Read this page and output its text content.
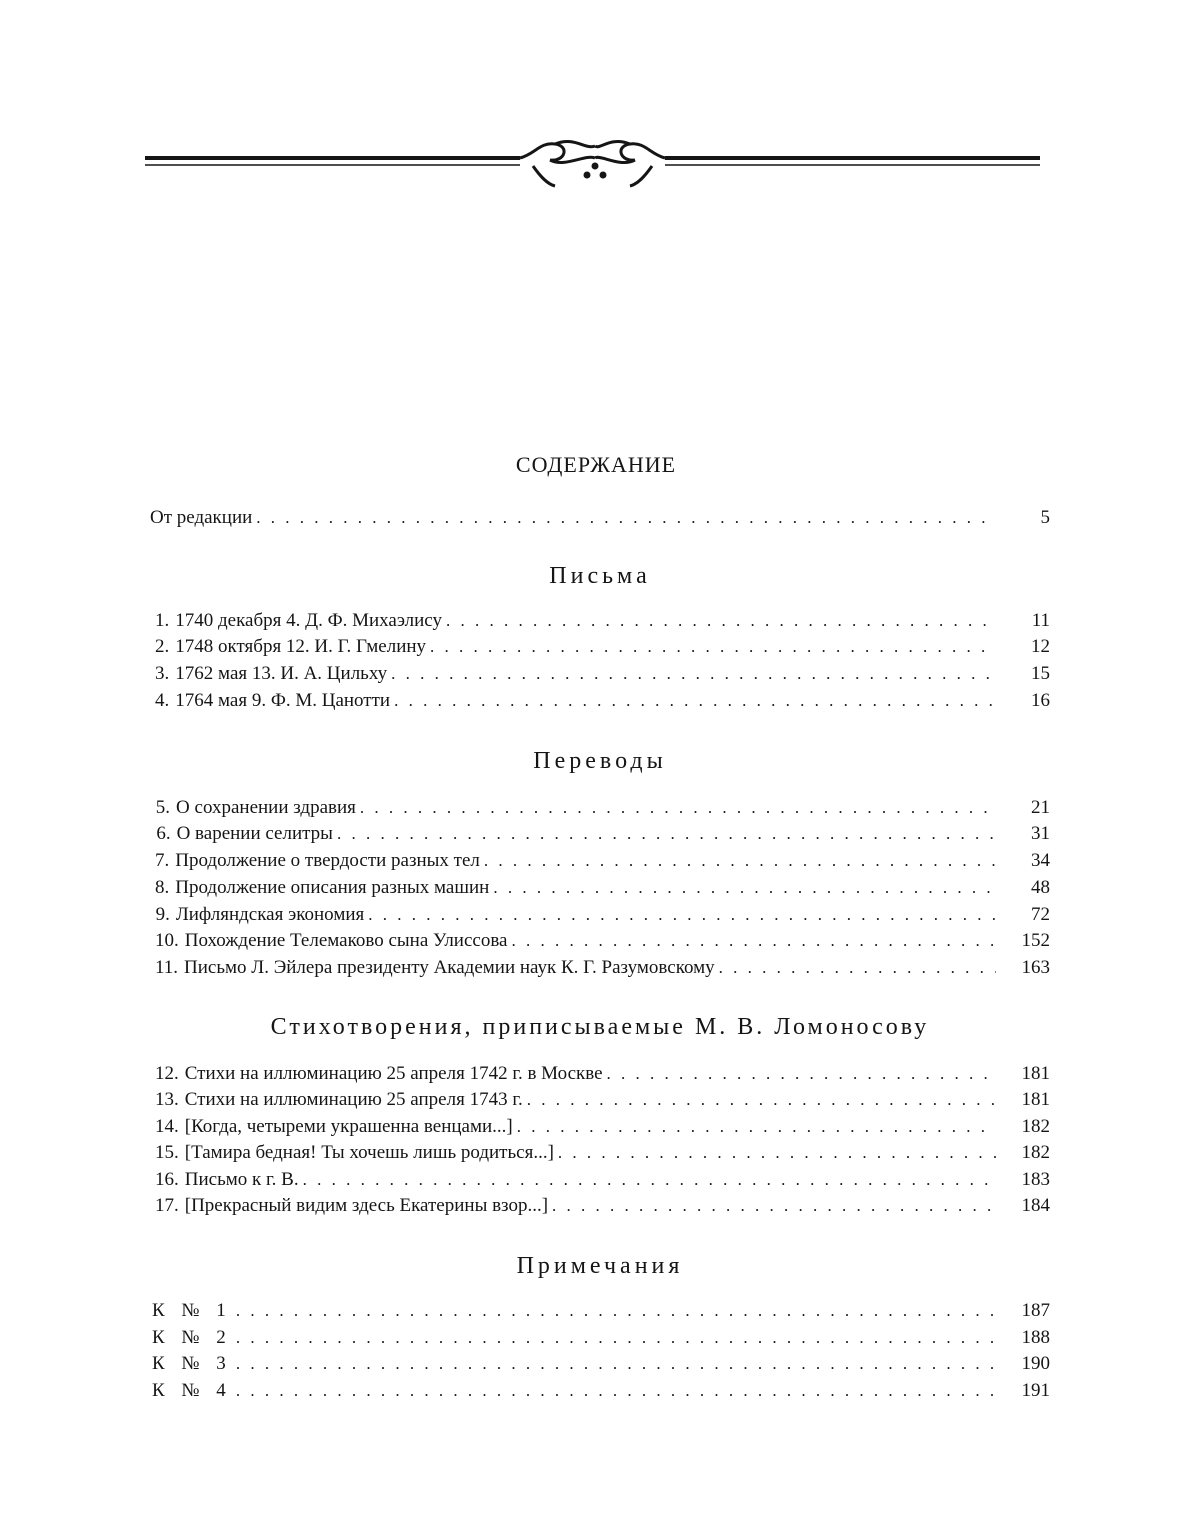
СОДЕРЖАНИЕ
От редакции . . .	5
Письма
1. 1740 декабря 4. Д. Ф. Михаэлису . . .	11
2. 1748 октября 12. И. Г. Гмелину . . .	12
3. 1762 мая 13. И. А. Цильху . . .	15
4. 1764 мая 9. Ф. М. Цанотти . . .	16
Переводы
5. О сохранении здравия . . .	21
6. О варении селитры . . .	31
7. Продолжение о твердости разных тел . . .	34
8. Продолжение описания разных машин . . .	48
9. Лифляндская экономия . . .	72
10. Похождение Телемаково сына Улиссова . . .	152
11. Письмо Л. Эйлера президенту Академии наук К. Г. Разумовскому . . .	163
Стихотворения, приписываемые М. В. Ломоносову
12. Стихи на иллюминацию 25 апреля 1742 г. в Москве . . .	181
13. Стихи на иллюминацию 25 апреля 1743 г. . . .	181
14. [Когда, четыреми украшенна венцами...] . . .	182
15. [Тамира бедная! Ты хочешь лишь родиться...] . . .	182
16. Письмо к г. В. . . .	183
17. [Прекрасный видим здесь Екатерины взор...] . . .	184
Примечания
К № 1 . . .	187
К № 2 . . .	188
К № 3 . . .	190
К № 4 . . .	191
